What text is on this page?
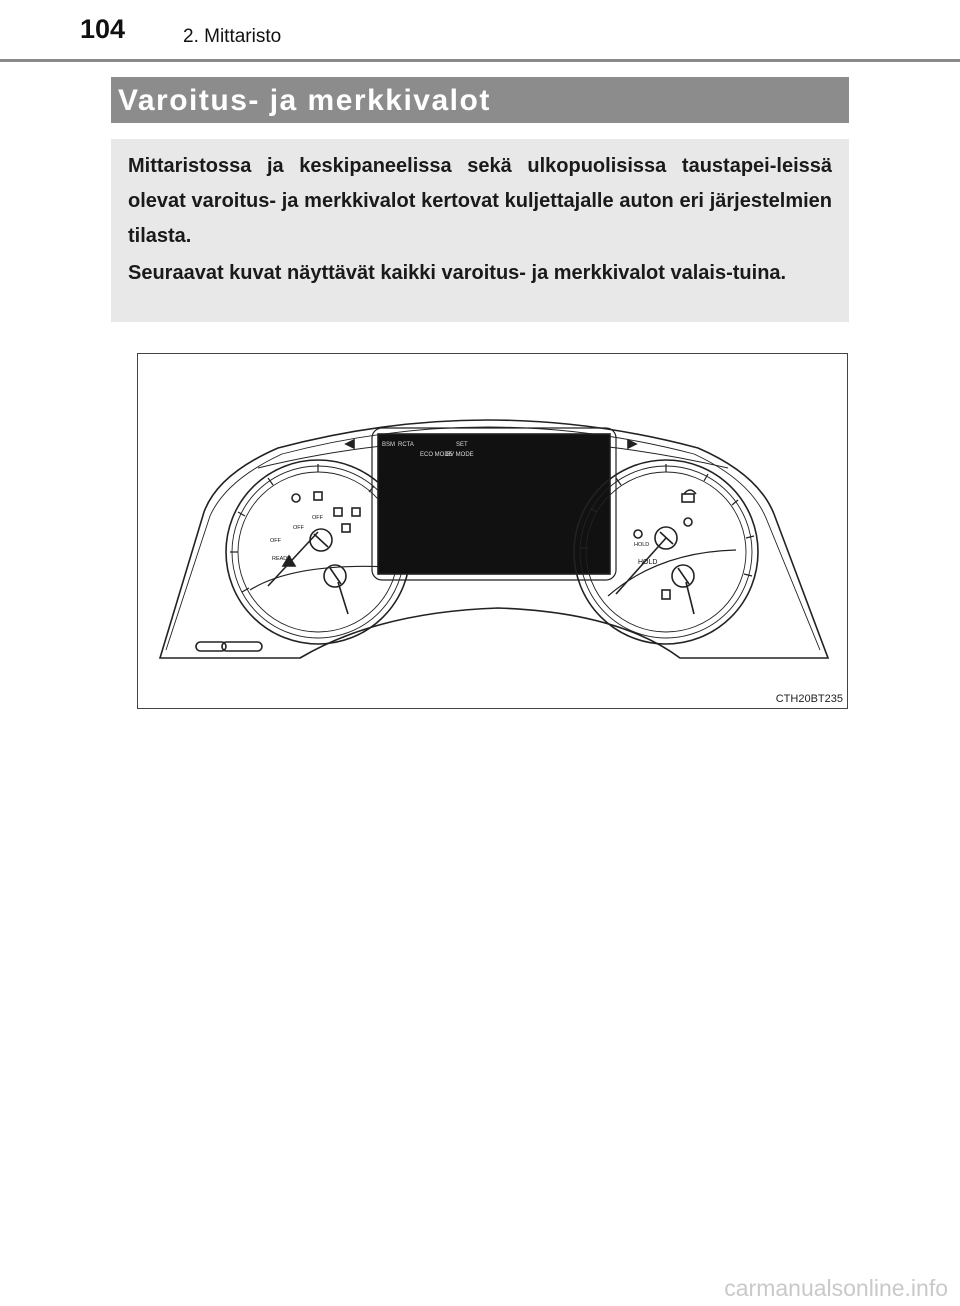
104	2. Mittaristo
Varoitus- ja merkkivalot

Mittaristossa ja keskipaneelissa sekä ulkopuolisissa taustapei-leissä olevat varoitus- ja merkkivalot kertovat kuljettajalle auton eri järjestelmien tilasta.

Seuraavat kuvat näyttävät kaikki varoitus- ja merkkivalot valais-tuina.

BSM RCTA
ECO MODE
EV MODE
SET
OFF
OFF
OFF
READY
HOLD
HOLD
CTH20BT235
carmanualsonline.info
